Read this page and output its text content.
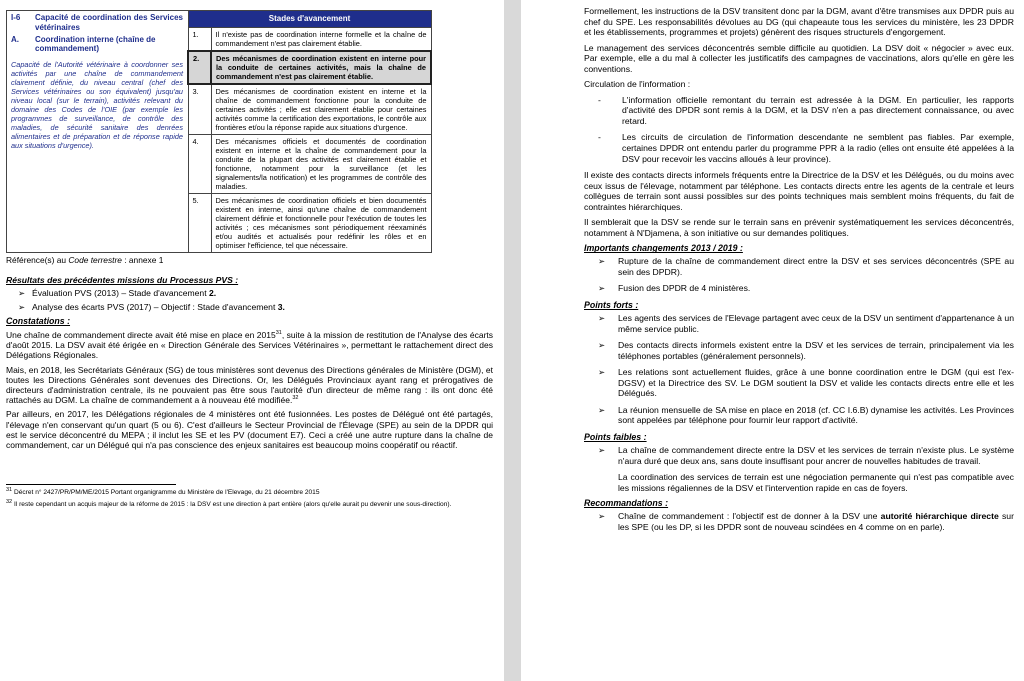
I-6 Capacité de coordination des Services vétérinaires
A. Coordination interne (chaîne de commandement)
Capacité de l'Autorité vétérinaire à coordonner ses activités par une chaîne de commandement clairement définie, du niveau central (chef des Services vétérinaires ou son équivalent) jusqu'au niveau local (sur le terrain), activités relevant du domaine des Codes de l'OIE (par exemple les programmes de surveillance, de contrôle des maladies, de sécurité sanitaire des denrées alimentaires et de préparation et de réponse rapide aux situations d'urgence).	Stades d'avancement	
	1.	Il n'existe pas de coordination interne formelle et la chaîne de commandement n'est pas clairement établie.
	2.	Des mécanismes de coordination existent en interne pour la conduite de certaines activités, mais la chaîne de commandement n'est pas clairement établie.
	3.	Des mécanismes de coordination existent en interne et la chaîne de commandement fonctionne pour la conduite de certaines activités ; elle est clairement établie pour certaines activités comme la certification des exportations, le contrôle aux frontières et/ou la réponse rapide aux situations d'urgence.
	4.	Des mécanismes officiels et documentés de coordination existent en interne et la chaîne de commandement pour la conduite de la plupart des activités est clairement établie et fonctionne, notamment pour la surveillance (et les signalements/la notification) et les programmes de contrôle des maladies.
	5.	Des mécanismes de coordination officiels et bien documentés existent en interne, ainsi qu'une chaîne de commandement clairement définie et fonctionnelle pour l'exécution de toutes les activités ; ces mécanismes sont périodiquement réexaminés et/ou audités et actualisés pour redéfinir les rôles et en optimiser l'efficience, tel que nécessaire.
Référence(s) au Code terrestre : annexe 1
Résultats des précédentes missions du Processus PVS :
➢ Évaluation PVS (2013) – Stade d'avancement 2.
➢ Analyse des écarts PVS (2017) – Objectif : Stade d'avancement 3.
Constatations :

Une chaîne de commandement directe avait été mise en place en 2015$^{31}$, suite à la mission de restitution de l'Analyse des écarts d'août 2015. La DSV avait été érigée en « Direction Générale des Services Vétérinaires », permettant le rattachement direct des Délégations Régionales.

Mais, en 2018, les Secrétariats Généraux (SG) de tous ministères sont devenus des Directions générales de Ministère (DGM), et toutes les Directions Générales sont devenues des Directions. Or, les Délégués Provinciaux ayant rang et prérogatives de directeurs d'administration centrale, ils ne pouvaient pas être sous l'autorité d'un directeur de même rang : ils ont donc été rattachés au DGM. La chaîne de commandement a à nouveau été modifiée.$^{32}$

Par ailleurs, en 2017, les Délégations régionales de 4 ministères ont été fusionnées. Les postes de Délégué ont été partagés, l'élevage n'en conservant qu'un quart (5 ou 6). C'est d'ailleurs le Secteur Provincial de l'Élevage (SPE) au sein de la DPDR qui est le service déconcentré du MEPA ; il inclut les SE et les PV (document E7). Ceci a créé une autre rupture dans la chaîne de commandement, car un Délégué qui n'a pas conscience des enjeux sanitaires est beaucoup moins coopératif ou réactif.

$^{31}$ Décret n° 2427/PR/PM/ME/2015 Portant organigramme du Ministère de l'Elevage, du 21 décembre 2015
$^{32}$ Il reste cependant un acquis majeur de la réforme de 2015 : la DSV est une direction à part entière (alors qu'elle aurait pu devenir une sous-direction).

Formellement, les instructions de la DSV transitent donc par la DGM, avant d'être transmises aux DPDR puis au chef du SPE. Les responsabilités dévolues au DG (qui chapeaute tous les services du ministère, les 23 DPDR et les établissements, programmes et projets) génèrent des risques structurels d'engorgement.

Le management des services déconcentrés semble difficile au quotidien. La DSV doit « négocier » avec eux. Par exemple, elle a du mal à collecter les justificatifs des campagnes de vaccinations, alors qu'elle en gère les conventions.

Circulation de l'information :

- L'information officielle remontant du terrain est adressée à la DGM. En particulier, les rapports d'activité des DPDR sont remis à la DGM, et la DSV n'en a pas directement connaissance, ou avec retard.
- Les circuits de circulation de l'information descendante ne semblent pas fiables. Par exemple, certaines DPDR ont entendu parler du programme PPR à la radio (elles ont ensuite été appelées à la DSV pour recevoir les vaccins alloués à leur province).

Il existe des contacts directs informels fréquents entre la Directrice de la DSV et les Délégués, ou du moins avec ceux issus de l'élevage, notamment par téléphone. Les contacts directs entre les agents de la centrale et leurs collègues de terrain sont aussi possibles sur des points techniques mais semblent moins fréquents, du fait de contraintes hiérarchiques.

Il semblerait que la DSV se rende sur le terrain sans en prévenir systématiquement les services déconcentrés, notamment à N'Djamena, à son initiative ou sur demandes politiques.

Importants changements 2013 / 2019 :
➢ Rupture de la chaîne de commandement direct entre la DSV et ses services déconcentrés (SPE au sein des DPDR).
➢ Fusion des DPDR de 4 ministères.
Points forts :
➢ Les agents des services de l'Elevage partagent avec ceux de la DSV un sentiment d'appartenance à un même service public.
➢ Des contacts directs informels existent entre la DSV et les services de terrain, principalement via les téléphones portables (généralement personnels).
➢ Les relations sont actuellement fluides, grâce à une bonne coordination entre le DGM (qui est l'ex-DGSV) et la Directrice des SV. Le DGM soutient la DSV et valide les contacts directs entre elle et les Délégués.
➢ La réunion mensuelle de SA mise en place en 2018 (cf. CC I.6.B) dynamise les activités. Les Provinces sont appelées par téléphone pour fournir leur rapport d'activité.
Points faibles :
➢ La chaîne de commandement directe entre la DSV et les services de terrain n'existe plus. Le système n'aura duré que deux ans, sans doute insuffisant pour ancrer de nouvelles habitudes de travail.

La coordination des services de terrain est une négociation permanente qui n'est pas compatible avec les missions régaliennes de la DSV et l'intervention rapide en cas de foyers.

Recommandations :
➢ Chaîne de commandement : l'objectif est de donner à la DSV une autorité hiérarchique directe sur les SPE (ou les DP, si les DPDR sont de nouveau scindées en 4 comme on en parle).
